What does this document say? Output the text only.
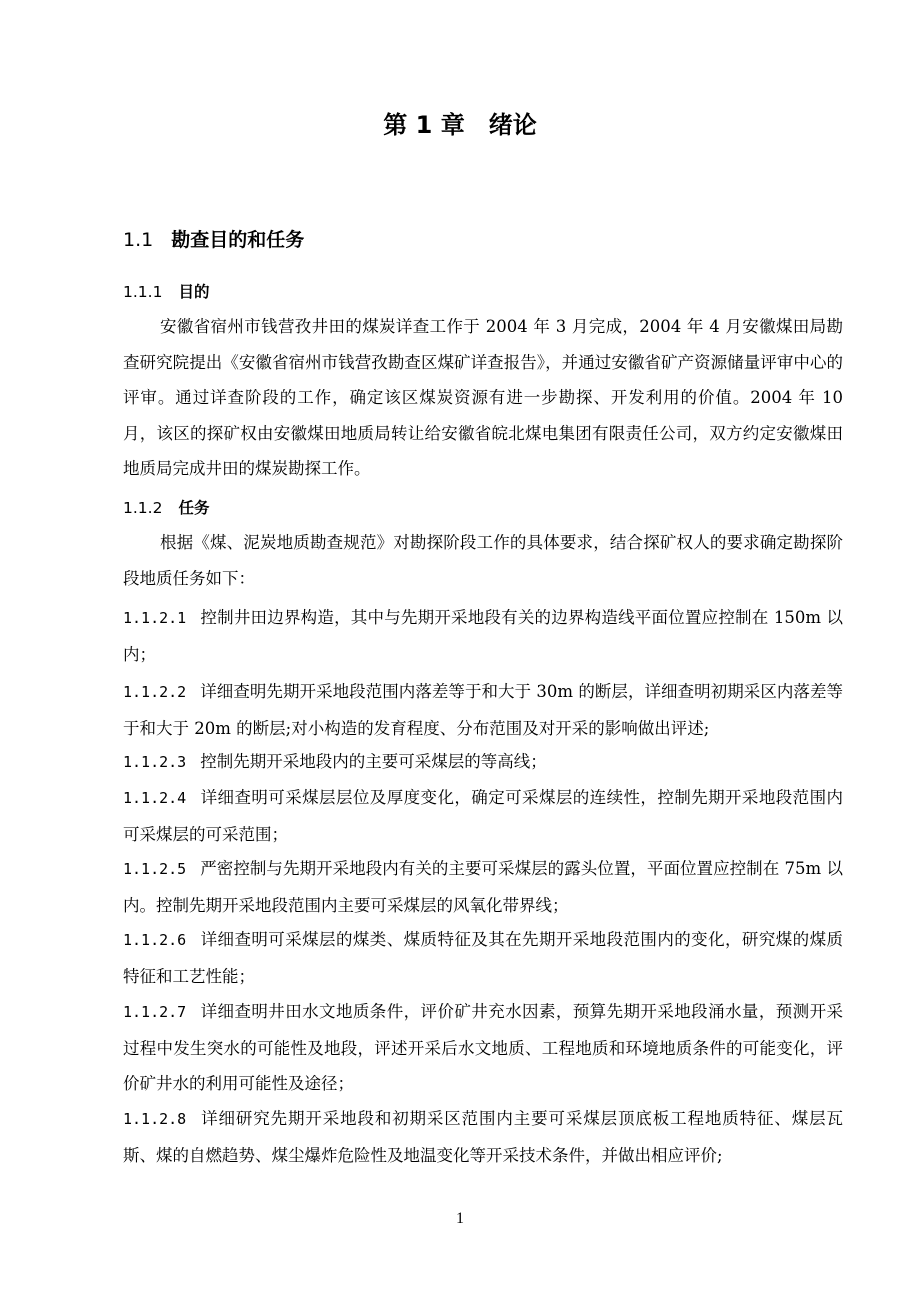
第 1 章　绪论
1.1 勘查目的和任务
1.1.1 目的

安徽省宿州市钱营孜井田的煤炭详查工作于 2004 年 3 月完成，2004 年 4 月安徽煤田局勘查研究院提出《安徽省宿州市钱营孜勘查区煤矿详查报告》，并通过安徽省矿产资源储量评审中心的评审。通过详查阶段的工作，确定该区煤炭资源有进一步勘探、开发利用的价值。2004 年 10 月，该区的探矿权由安徽煤田地质局转让给安徽省皖北煤电集团有限责任公司，双方约定安徽煤田地质局完成井田的煤炭勘探工作。

1.1.2 任务

根据《煤、泥炭地质勘查规范》对勘探阶段工作的具体要求，结合探矿权人的要求确定勘探阶段地质任务如下：

1.1.2.1 控制井田边界构造，其中与先期开采地段有关的边界构造线平面位置应控制在 150m 以内；

1.1.2.2 详细查明先期开采地段范围内落差等于和大于 30m 的断层，详细查明初期采区内落差等于和大于 20m 的断层;对小构造的发育程度、分布范围及对开采的影响做出评述;

1.1.2.3 控制先期开采地段内的主要可采煤层的等高线；

1.1.2.4 详细查明可采煤层层位及厚度变化，确定可采煤层的连续性，控制先期开采地段范围内可采煤层的可采范围；

1.1.2.5 严密控制与先期开采地段内有关的主要可采煤层的露头位置，平面位置应控制在 75m 以内。控制先期开采地段范围内主要可采煤层的风氧化带界线；

1.1.2.6 详细查明可采煤层的煤类、煤质特征及其在先期开采地段范围内的变化，研究煤的煤质特征和工艺性能；

1.1.2.7 详细查明井田水文地质条件，评价矿井充水因素，预算先期开采地段涌水量，预测开采过程中发生突水的可能性及地段，评述开采后水文地质、工程地质和环境地质条件的可能变化，评价矿井水的利用可能性及途径；

1.1.2.8 详细研究先期开采地段和初期采区范围内主要可采煤层顶底板工程地质特征、煤层瓦斯、煤的自燃趋势、煤尘爆炸危险性及地温变化等开采技术条件，并做出相应评价;

1
